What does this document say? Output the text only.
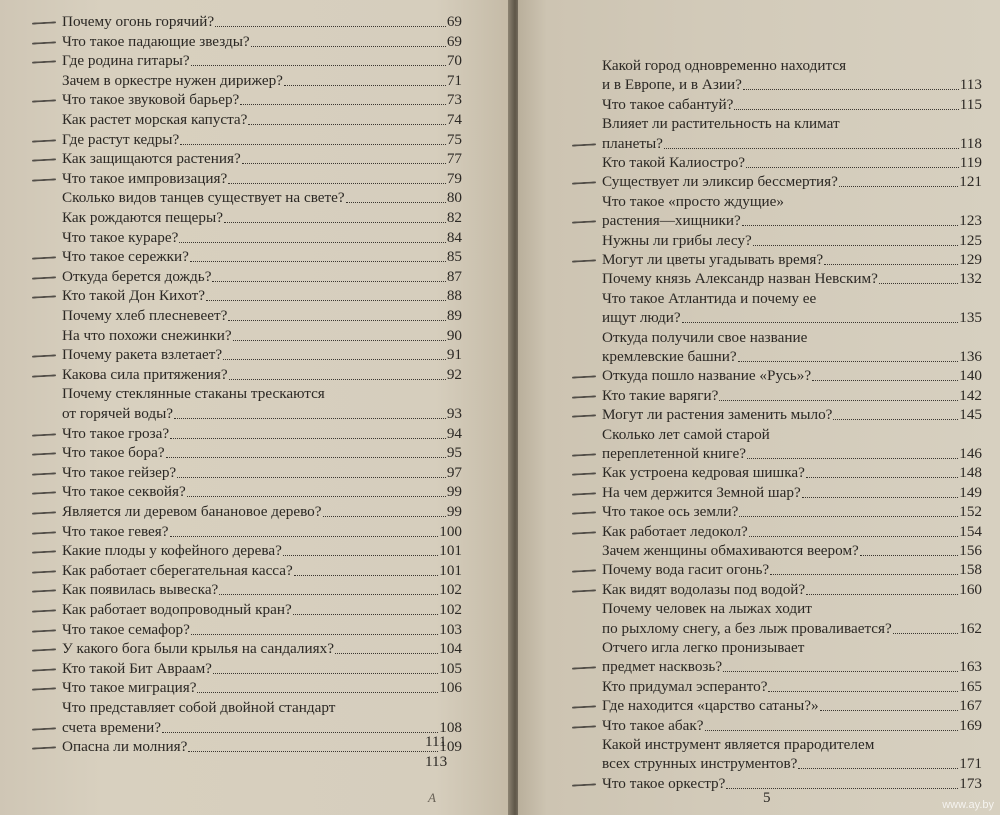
Почему огонь горячий?	69
Что такое падающие звезды?	69
Где родина гитары?	70
Зачем в оркестре нужен дирижер?	71
Что такое звуковой барьер?	73
Как растет морская капуста?	74
Где растут кедры?	75
Как защищаются растения?	77
Что такое импровизация?	79
Сколько видов танцев существует на свете?	80
Как рождаются пещеры?	82
Что такое кураре?	84
Что такое сережки?	85
Откуда берется дождь?	87
Кто такой Дон Кихот?	88
Почему хлеб плесневеет?	89
На что похожи снежинки?	90
Почему ракета взлетает?	91
Какова сила притяжения?	92
Почему стеклянные стаканы трескаются
от горячей воды?	93
Что такое гроза?	94
Что такое бора?	95
Что такое гейзер?	97
Что такое секвойя?	99
Является ли деревом банановое дерево?	99
Что такое гевея?	100
Какие плоды у кофейного дерева?	101
Как работает сберегательная касса?	101
Как появилась вывеска?	102
Как работает водопроводный кран?	102
Что такое семафор?	103
У какого бога были крылья на сандалиях?	104
Кто такой Бит Авраам?	105
Что такое миграция?	106
Что представляет собой двойной стандарт
счета времени?	108
Опасна ли молния?	109
111
113
А
Какой город одновременно находится
и в Европе, и в Азии?	113
Что такое сабантуй?	115
Влияет ли растительность на климат
планеты?	118
Кто такой Калиостро?	119
Существует ли эликсир бессмертия?	121
Что такое «просто ждущие»
растения—хищники?	123
Нужны ли грибы лесу?	125
Могут ли цветы угадывать время?	129
Почему князь Александр назван Невским?	132
Что такое Атлантида и почему ее
ищут люди?	135
Откуда получили свое название
кремлевские башни?	136
Откуда пошло название «Русь»?	140
Кто такие варяги?	142
Могут ли растения заменить мыло?	145
Сколько лет самой старой
переплетенной книге?	146
Как устроена кедровая шишка?	148
На чем держится Земной шар?	149
Что такое ось земли?	152
Как работает ледокол?	154
Зачем женщины обмахиваются веером?	156
Почему вода гасит огонь?	158
Как видят водолазы под водой?	160
Почему человек на лыжах ходит
по рыхлому снегу, а без лыж проваливается?	162
Отчего игла легко пронизывает
предмет насквозь?	163
Кто придумал эсперанто?	165
Где находится «царство сатаны?»	167
Что такое абак?	169
Какой инструмент является прародителем
всех струнных инструментов?	171
Что такое оркестр?	173
5	www.ay.by
